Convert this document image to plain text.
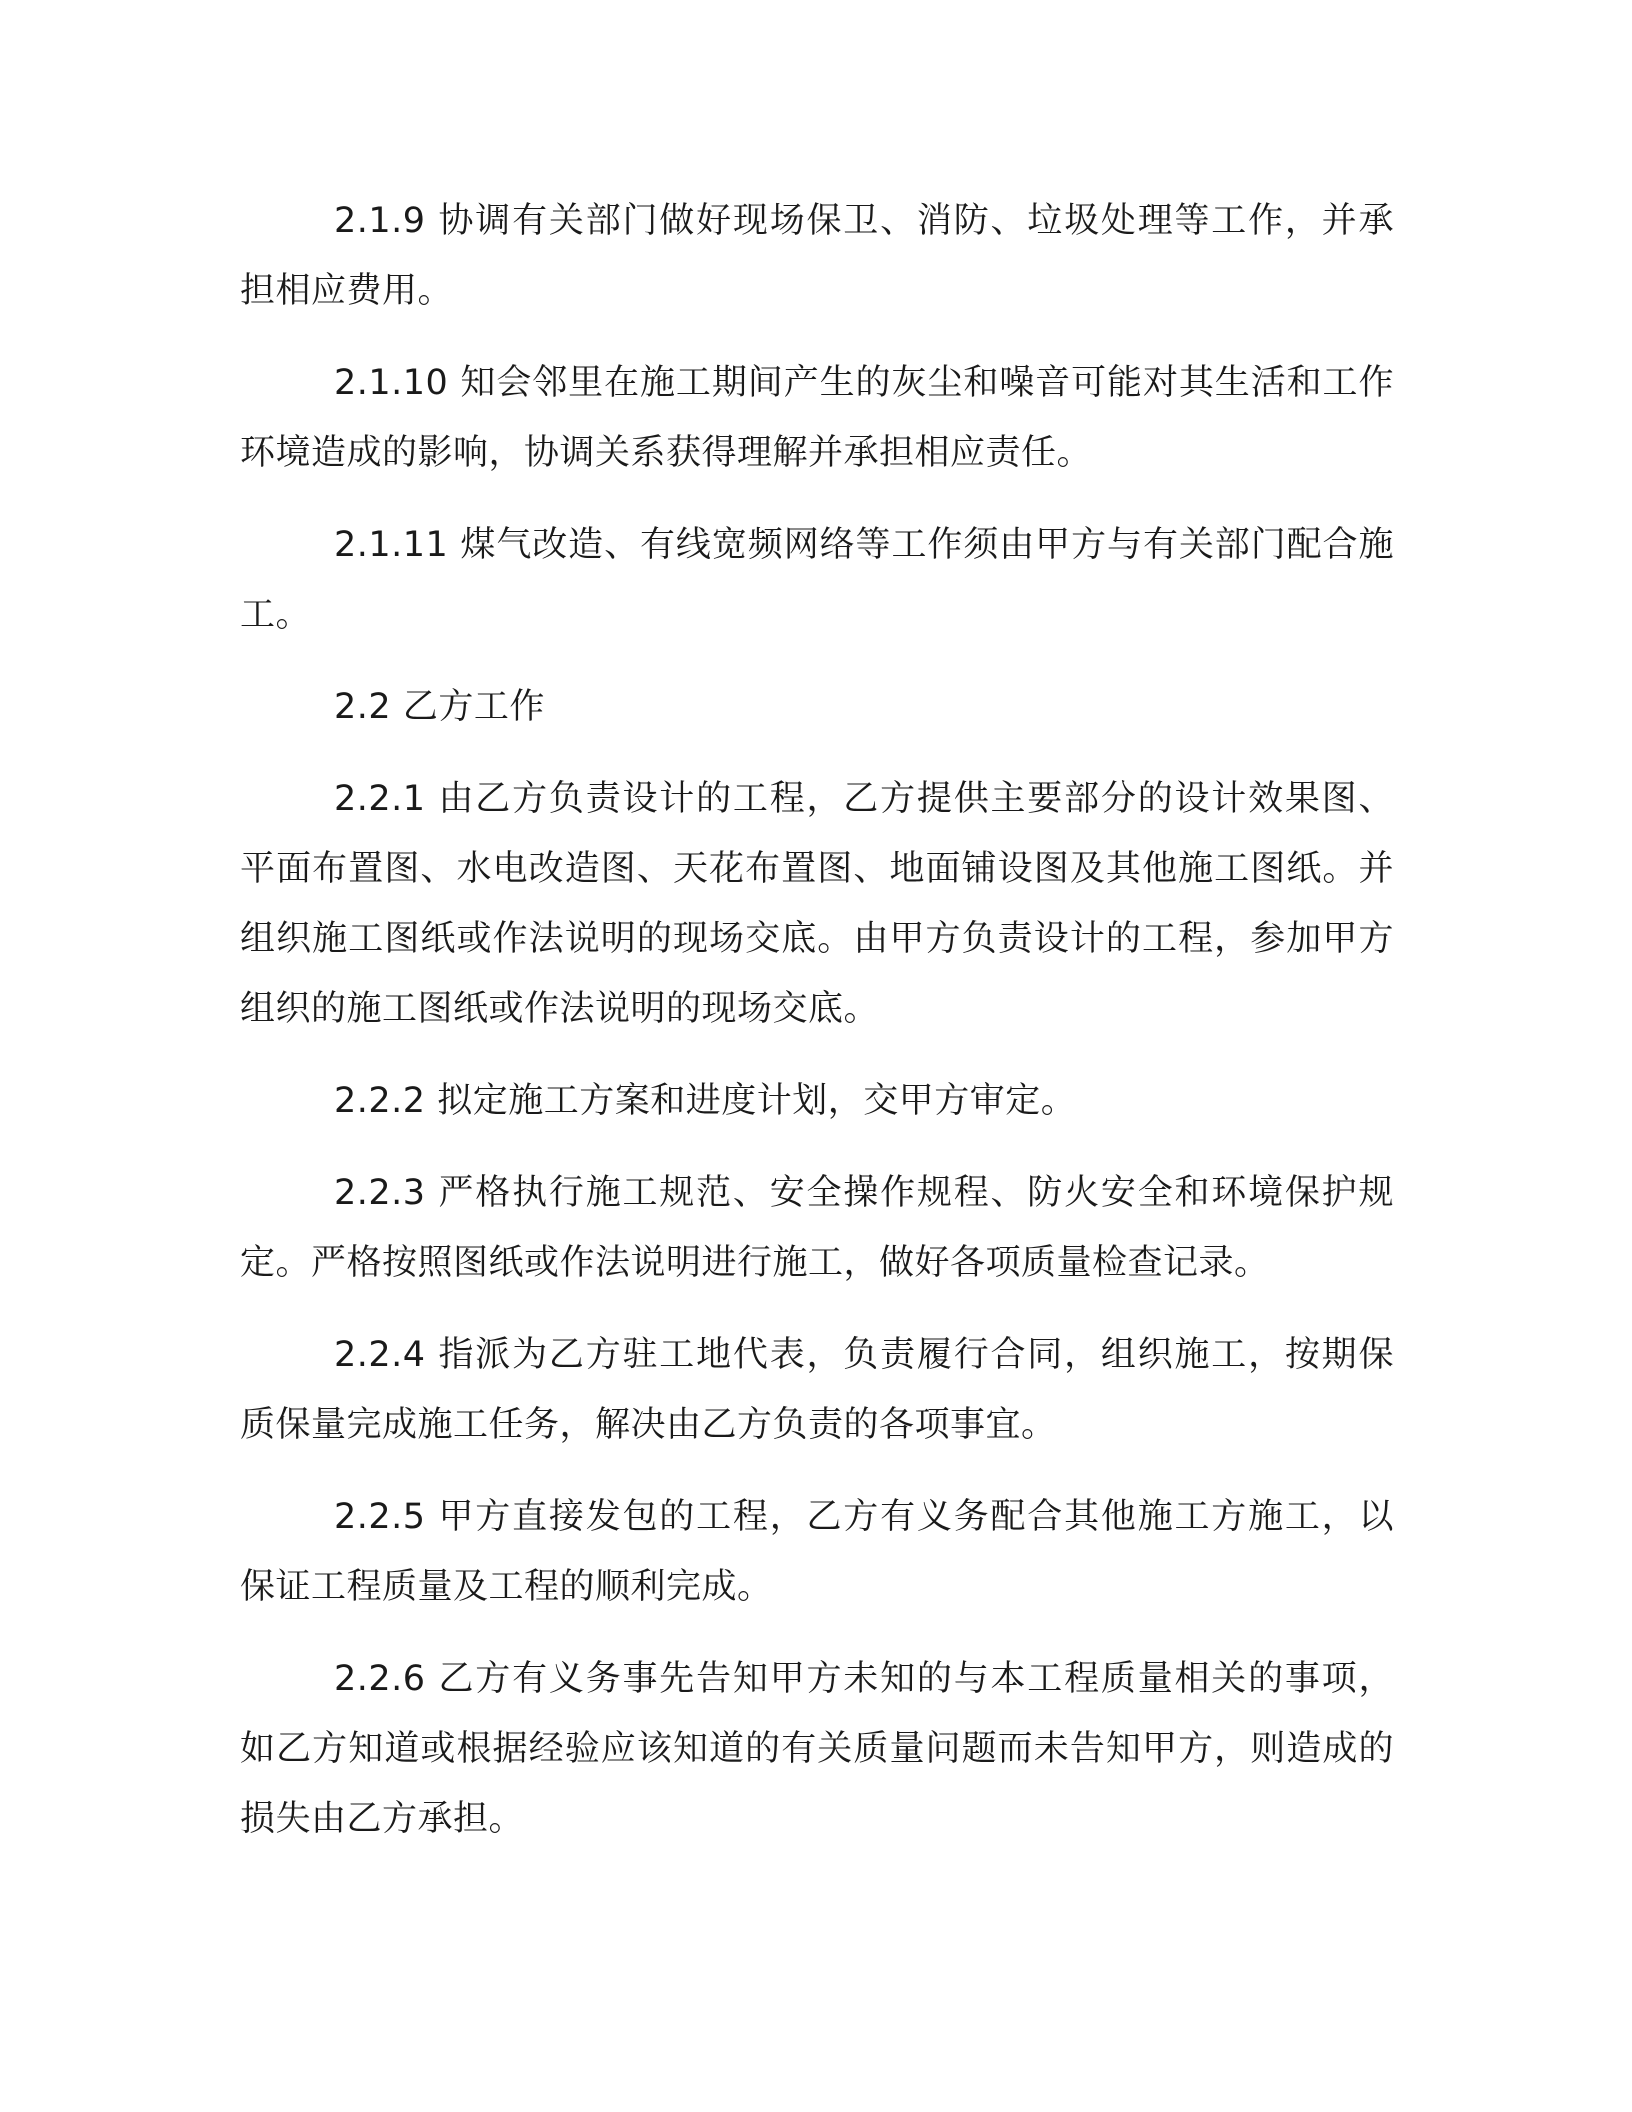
2.1.9 协调有关部门做好现场保卫、消防、垃圾处理等工作，并承担相应费用。

2.1.10 知会邻里在施工期间产生的灰尘和噪音可能对其生活和工作环境造成的影响，协调关系获得理解并承担相应责任。

2.1.11 煤气改造、有线宽频网络等工作须由甲方与有关部门配合施工。

2.2 乙方工作

2.2.1 由乙方负责设计的工程，乙方提供主要部分的设计效果图、平面布置图、水电改造图、天花布置图、地面铺设图及其他施工图纸。并组织施工图纸或作法说明的现场交底。由甲方负责设计的工程，参加甲方组织的施工图纸或作法说明的现场交底。

2.2.2 拟定施工方案和进度计划，交甲方审定。

2.2.3 严格执行施工规范、安全操作规程、防火安全和环境保护规定。严格按照图纸或作法说明进行施工，做好各项质量检查记录。

2.2.4 指派为乙方驻工地代表，负责履行合同，组织施工，按期保质保量完成施工任务，解决由乙方负责的各项事宜。

2.2.5 甲方直接发包的工程，乙方有义务配合其他施工方施工，以保证工程质量及工程的顺利完成。

2.2.6 乙方有义务事先告知甲方未知的与本工程质量相关的事项，如乙方知道或根据经验应该知道的有关质量问题而未告知甲方，则造成的损失由乙方承担。
